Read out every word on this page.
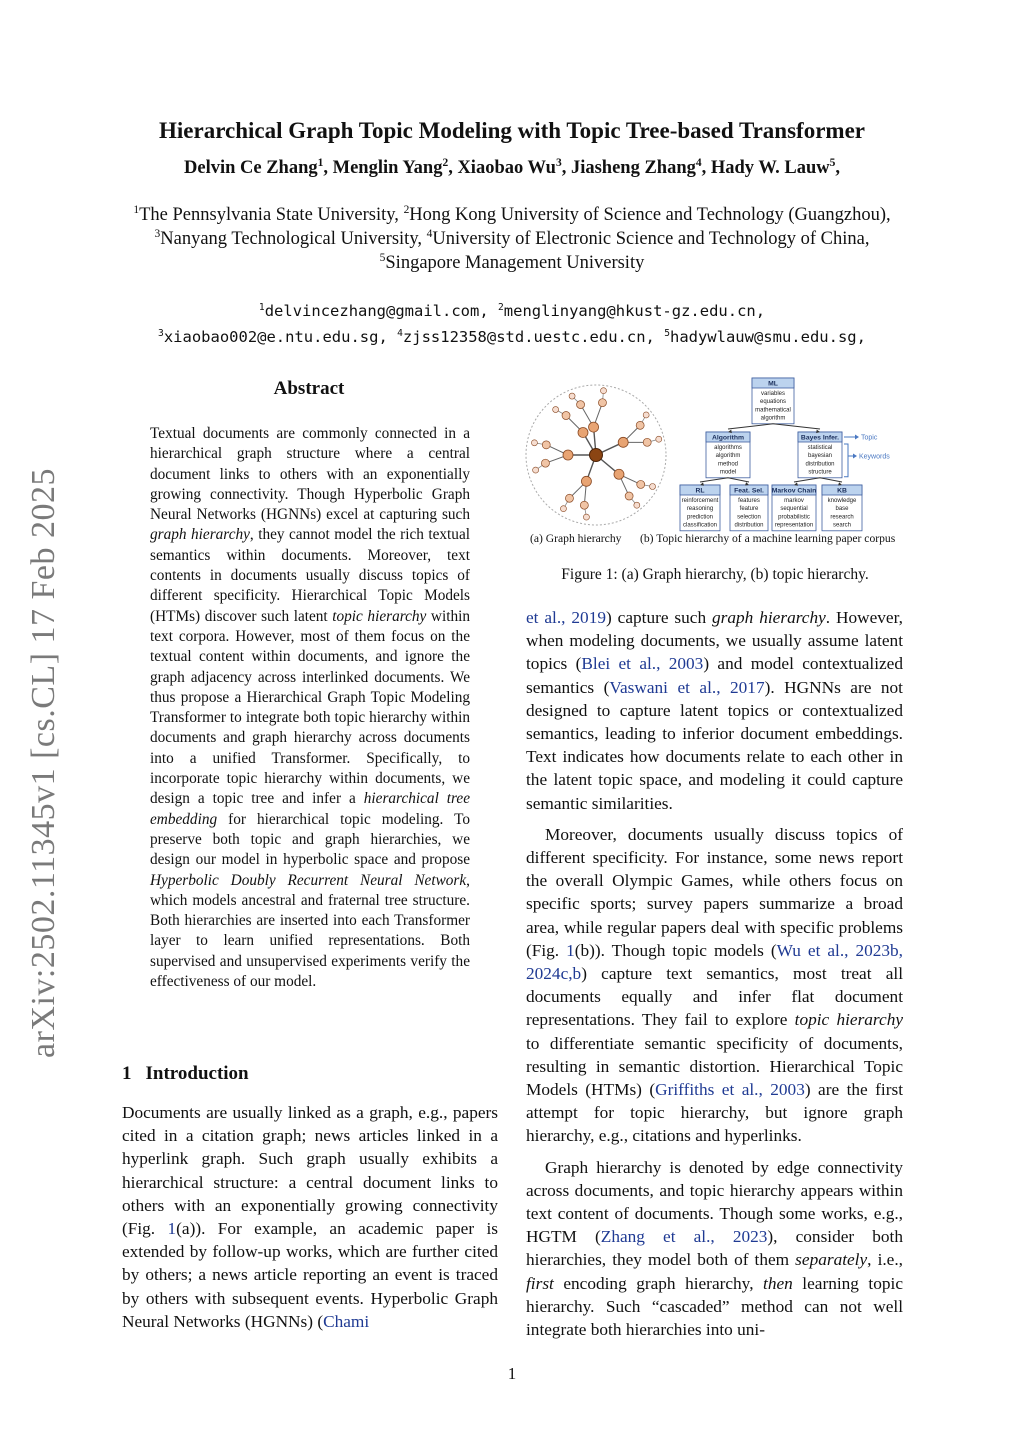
arXiv:2502.11345v1 [cs.CL] 17 Feb 2025
Hierarchical Graph Topic Modeling with Topic Tree-based Transformer
Delvin Ce Zhang$^1$, Menglin Yang$^2$, Xiaobao Wu$^3$, Jiasheng Zhang$^4$, Hady W. Lauw$^5$,
$^1$The Pennsylvania State University, $^2$Hong Kong University of Science and Technology (Guangzhou),
$^3$Nanyang Technological University, $^4$University of Electronic Science and Technology of China,
$^5$Singapore Management University
$^1$delvincezhang@gmail.com, $^2$menglinyang@hkust-gz.edu.cn,
$^3$xiaobao002@e.ntu.edu.sg, $^4$zjss12358@std.uestc.edu.cn, $^5$hadywlauw@smu.edu.sg,
Abstract
Textual documents are commonly connected in a hierarchical graph structure where a central document links to others with an exponentially growing connectivity. Though Hyperbolic Graph Neural Networks (HGNNs) excel at capturing such graph hierarchy, they cannot model the rich textual semantics within documents. Moreover, text contents in documents usually discuss topics of different specificity. Hierarchical Topic Models (HTMs) discover such latent topic hierarchy within text corpora. However, most of them focus on the textual content within documents, and ignore the graph adjacency across interlinked documents. We thus propose a Hierarchical Graph Topic Modeling Transformer to integrate both topic hierarchy within documents and graph hierarchy across documents into a unified Transformer. Specifically, to incorporate topic hierarchy within documents, we design a topic tree and infer a hierarchical tree embedding for hierarchical topic modeling. To preserve both topic and graph hierarchies, we design our model in hyperbolic space and propose Hyperbolic Doubly Recurrent Neural Network, which models ancestral and fraternal tree structure. Both hierarchies are inserted into each Transformer layer to learn unified representations. Both supervised and unsupervised experiments verify the effectiveness of our model.
1 Introduction

Documents are usually linked as a graph, e.g., papers cited in a citation graph; news articles linked in a hyperlink graph. Such graph usually exhibits a hierarchical structure: a central document links to others with an exponentially growing connectivity (Fig. 1(a)). For example, an academic paper is extended by follow-up works, which are further cited by others; a news article reporting an event is traced by others with subsequent events. Hyperbolic Graph Neural Networks (HGNNs) (Chami

et al., 2019) capture such graph hierarchy. However, when modeling documents, we usually assume latent topics (Blei et al., 2003) and model contextualized semantics (Vaswani et al., 2017). HGNNs are not designed to capture latent topics or contextualized semantics, leading to inferior document embeddings. Text indicates how documents relate to each other in the latent topic space, and modeling it could capture semantic similarities.

Moreover, documents usually discuss topics of different specificity. For instance, some news report the overall Olympic Games, while others focus on specific sports; survey papers summarize a broad area, while regular papers deal with specific problems (Fig. 1(b)). Though topic models (Wu et al., 2023b, 2024c,b) capture text semantics, most treat all documents equally and infer flat document representations. They fail to explore topic hierarchy to differentiate semantic specificity of documents, resulting in semantic distortion. Hierarchical Topic Models (HTMs) (Griffiths et al., 2003) are the first attempt for topic hierarchy, but ignore graph hierarchy, e.g., citations and hyperlinks.

Graph hierarchy is denoted by edge connectivity across documents, and topic hierarchy appears within text content of documents. Though some works, e.g., HGTM (Zhang et al., 2023), consider both hierarchies, they model both of them separately, i.e., first encoding graph hierarchy, then learning topic hierarchy. Such “cascaded” method can not well integrate both hierarchies into uni-

ML
variables
equations
mathematical
algorithm
Algorithm
algorithms
algorithm
method
model
Bayes Infer.
statistical
bayesian
distribution
structure
RL
reinforcement
reasoning
prediction
classification
Feat. Sel.
features
feature
selection
distribution
Markov Chain
markov
sequential
probabilistic
representation
KB
knowledge
base
research
search
Topic
Keywords
(a) Graph hierarchy (b) Topic hierarchy of a machine learning paper corpus
Figure 1: (a) Graph hierarchy, (b) topic hierarchy.
1
